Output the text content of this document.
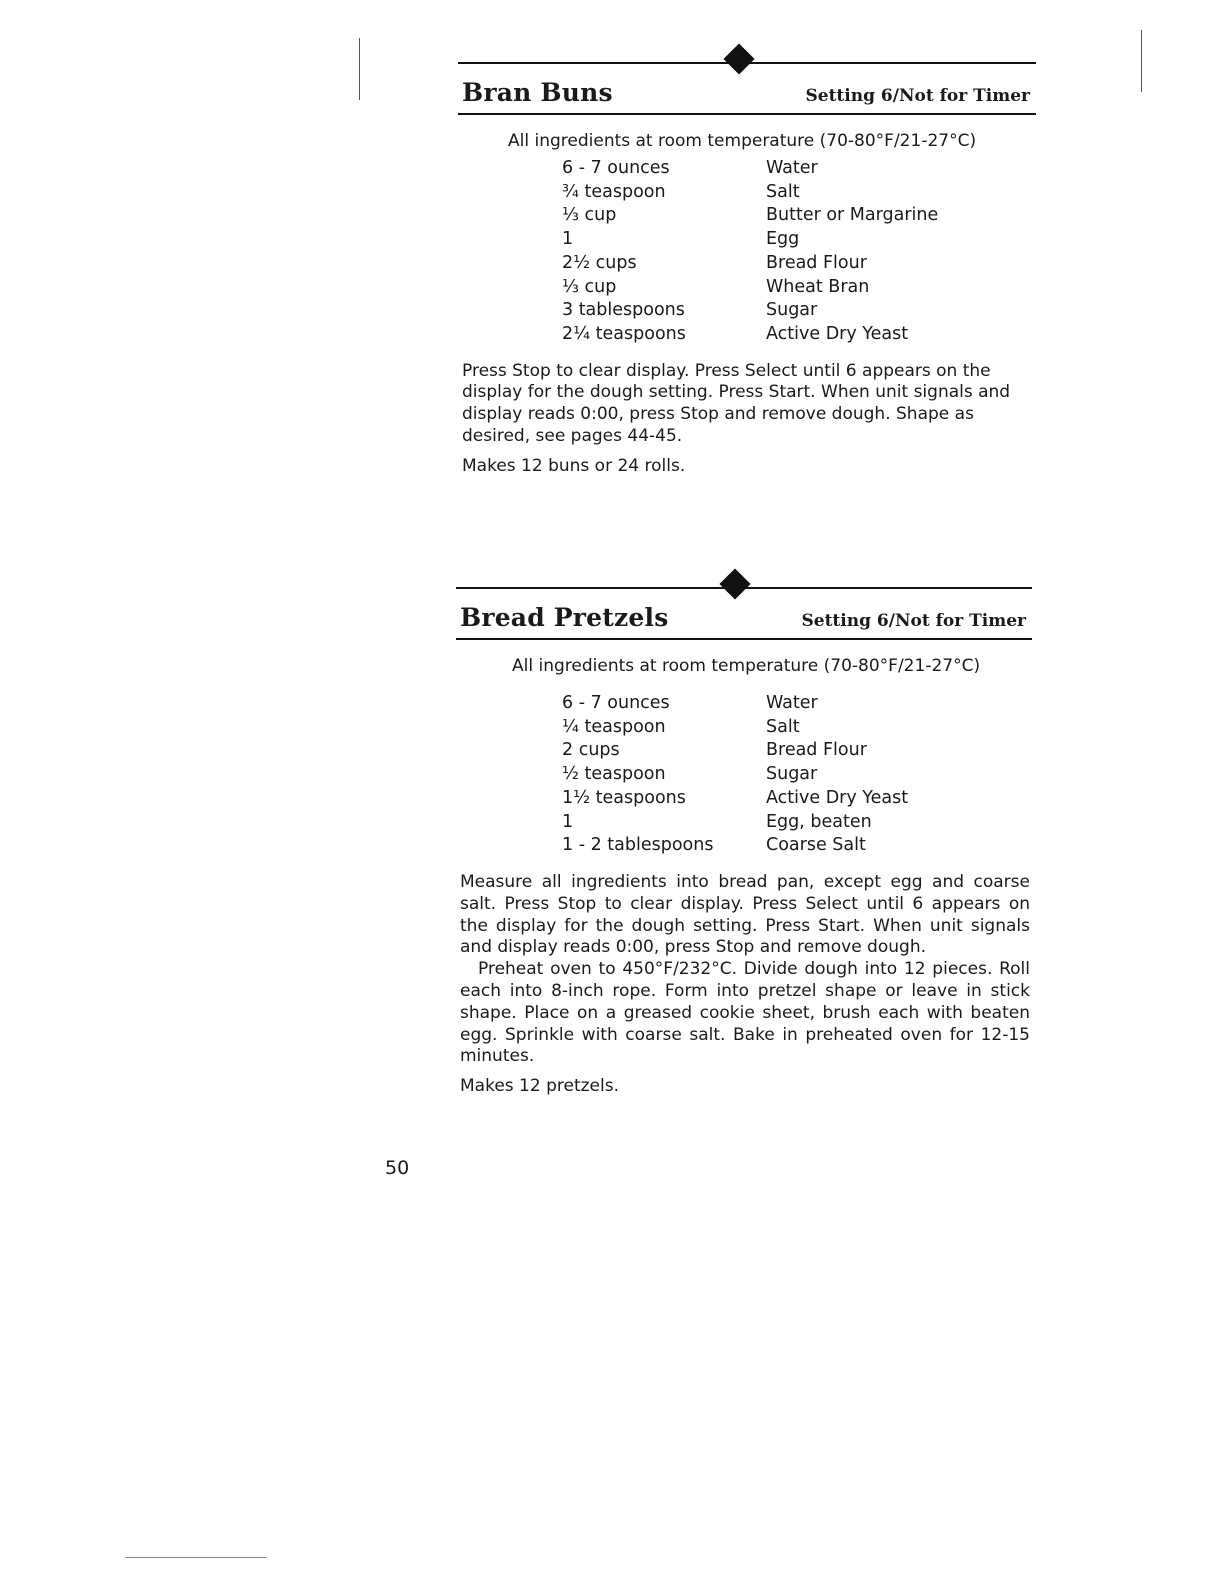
Bran Buns	Setting 6/Not for Timer

All ingredients at room temperature (70-80°F/21-27°C)

6 - 7 ounces	Water
¾ teaspoon	Salt
⅓ cup	Butter or Margarine
1	Egg
2½ cups	Bread Flour
⅓ cup	Wheat Bran
3 tablespoons	Sugar
2¼ teaspoons	Active Dry Yeast

Press Stop to clear display. Press Select until 6 appears on the display for the dough setting. Press Start. When unit signals and display reads 0:00, press Stop and remove dough. Shape as desired, see pages 44-45.

Makes 12 buns or 24 rolls.

Bread Pretzels	Setting 6/Not for Timer

All ingredients at room temperature (70-80°F/21-27°C)

6 - 7 ounces	Water
¼ teaspoon	Salt
2 cups	Bread Flour
½ teaspoon	Sugar
1½ teaspoons	Active Dry Yeast
1	Egg, beaten
1 - 2 tablespoons	Coarse Salt

Measure all ingredients into bread pan, except egg and coarse salt. Press Stop to clear display. Press Select until 6 appears on the display for the dough setting. Press Start. When unit signals and display reads 0:00, press Stop and remove dough.

Preheat oven to 450°F/232°C. Divide dough into 12 pieces. Roll each into 8-inch rope. Form into pretzel shape or leave in stick shape. Place on a greased cookie sheet, brush each with beaten egg. Sprinkle with coarse salt. Bake in preheated oven for 12-15 minutes.

Makes 12 pretzels.

50
